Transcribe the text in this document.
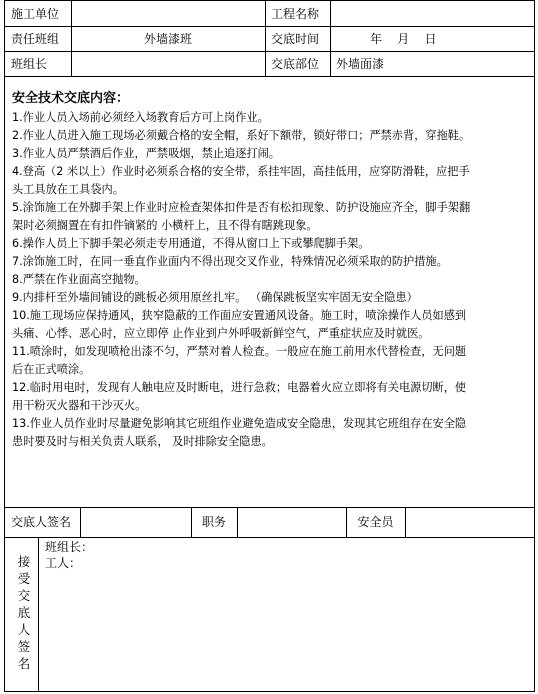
施工单位	工程名称
责任班组	外墙漆班	交底时间	年    月    日
班组长	交底部位 外墙面漆
安全技术交底内容：
1.作业人员入场前必须经入场教育后方可上岗作业。
2.作业人员进入施工现场必须戴合格的安全帽，系好下额带，锁好带口；严禁赤背，穿拖鞋。
3.作业人员严禁酒后作业，严禁吸烟，禁止追逐打闹。
4.登高（2 米以上）作业时必须系合格的安全带，系挂牢固，高挂低用，应穿防滑鞋，应把手
头工具放在工具袋内。
5.涂饰施工在外脚手架上作业时应检查架体扣件是否有松扣现象、防护设施应齐全，脚手架翻
架时必须搁置在有扣件镝紧的 小横杆上，且不得有瞎跳现象。
6.操作人员上下脚手架必须走专用通道，不得从窗口上下或攀爬脚手架。
7.涂饰施工时，在同一垂直作业面内不得出现交叉作业，特殊情况必须采取的防护措施。
8.严禁在作业面高空抛物。
9.内排杆至外墙间铺设的跳板必须用原丝扎牢。 （确保跳板坚实牢固无安全隐患）
10.施工现场应保持通风，狭窄隐蔽的工作面应安置通风设备。施工时，喷涂操作人员如感到
头痛、心悸、恶心时，应立即停 止作业到户外呼吸新鲜空气，严重症状应及时就医。
11.喷涂时，如发现喷枪出漆不匀，严禁对着人检查。一般应在施工前用水代替检查，无问题
后在正式喷涂。
12.临时用电时，发现有人触电应及时断电，进行急救；电器着火应立即将有关电源切断，使
用干粉灭火器和干沙灭火。
13.作业人员作业时尽量避免影响其它班组作业避免造成安全隐患，发现其它班组存在安全隐
患时要及时与相关负责人联系， 及时排除安全隐患。
交底人签名	职务	安全员
接受交底人签名
班组长：
工人：
